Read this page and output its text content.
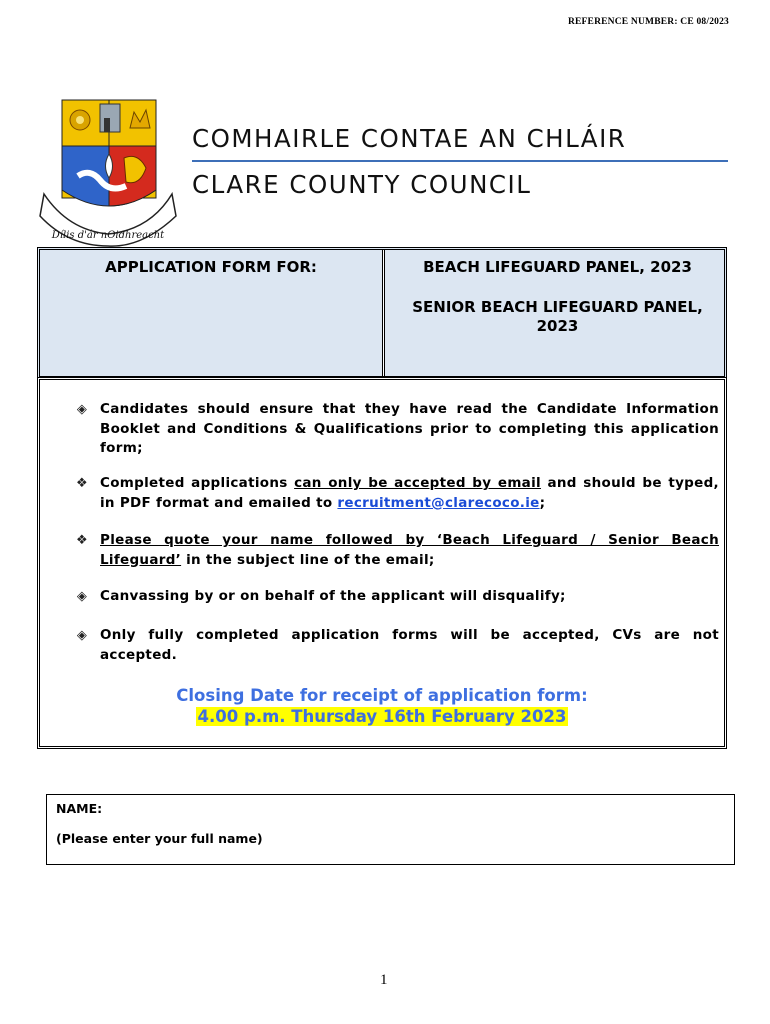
REFERENCE NUMBER: CE 08/2023
Dílis d'ár nOidhreacht
COMHAIRLE CONTAE AN CHLÁIR
CLARE COUNTY COUNCIL
APPLICATION FORM FOR:	BEACH LIFEGUARD PANEL, 2023

SENIOR BEACH LIFEGUARD PANEL, 2023

◈ Candidates should ensure that they have read the Candidate Information Booklet and Conditions & Qualifications prior to completing this application form;
❖ Completed applications can only be accepted by email and should be typed, in PDF format and emailed to recruitment@clarecoco.ie;
❖ Please quote your name followed by ‘Beach Lifeguard / Senior Beach Lifeguard’ in the subject line of the email;
◈ Canvassing by or on behalf of the applicant will disqualify;
◈ Only fully completed application forms will be accepted, CVs are not accepted.
Closing Date for receipt of application form:
4.00 p.m. Thursday 16th February 2023
NAME:
(Please enter your full name)
1
